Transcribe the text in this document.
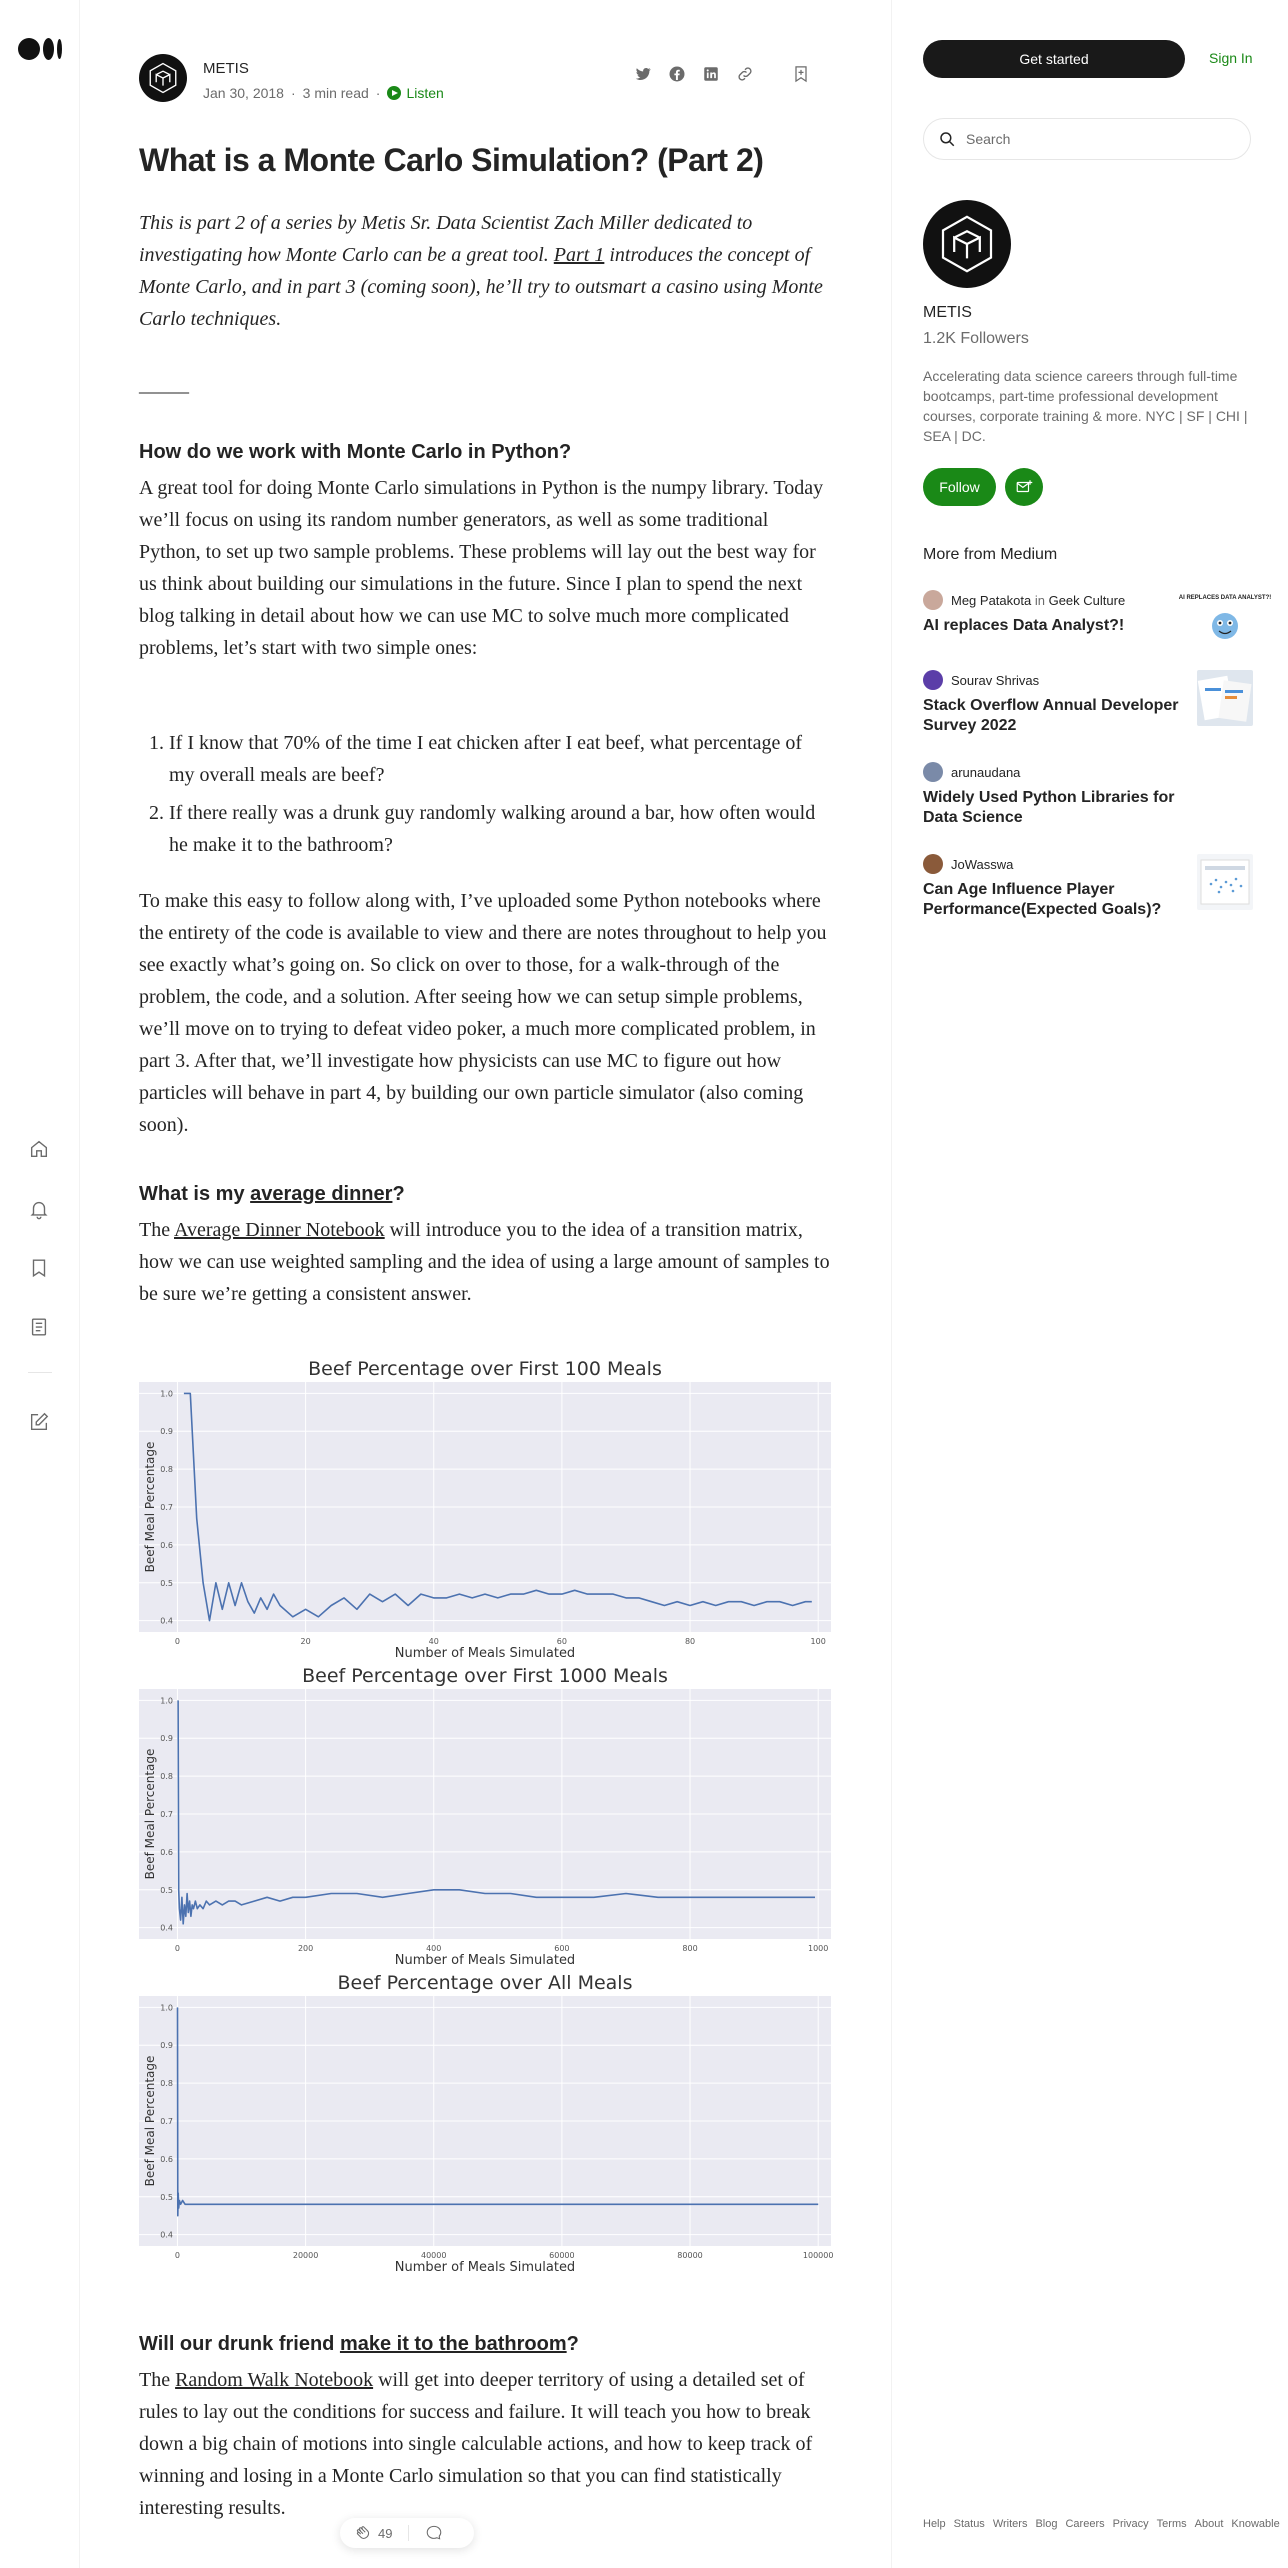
METIS
Jan 30, 2018 · 3 min read · Listen
What is a Monte Carlo Simulation? (Part 2)

This is part 2 of a series by Metis Sr. Data Scientist Zach Miller dedicated to investigating how Monte Carlo can be a great tool. Part 1 introduces the concept of Monte Carlo, and in part 3 (coming soon), he’ll try to outsmart a casino using Monte Carlo techniques.

_____
How do we work with Monte Carlo in Python?

A great tool for doing Monte Carlo simulations in Python is the numpy library. Today we’ll focus on using its random number generators, as well as some traditional Python, to set up two sample problems. These problems will lay out the best way for us think about building our simulations in the future. Since I plan to spend the next blog talking in detail about how we can use MC to solve much more complicated problems, let’s start with two simple ones:

1. If I know that 70% of the time I eat chicken after I eat beef, what percentage of my overall meals are beef?
2. If there really was a drunk guy randomly walking around a bar, how often would he make it to the bathroom?

To make this easy to follow along with, I’ve uploaded some Python notebooks where the entirety of the code is available to view and there are notes throughout to help you see exactly what’s going on. So click on over to those, for a walk-through of the problem, the code, and a solution. After seeing how we can setup simple problems, we’ll move on to trying to defeat video poker, a much more complicated problem, in part 3. After that, we’ll investigate how physicists can use MC to figure out how particles will behave in part 4, by building our own particle simulator (also coming soon).

What is my average dinner?

The Average Dinner Notebook will introduce you to the idea of a transition matrix, how we can use weighted sampling and the idea of using a large amount of samples to be sure we’re getting a consistent answer.

Beef Percentage over First 100 Meals
0	20	40	60	80	100
0.4
0.5
0.6
0.7
0.8
0.9
1.0
Number of Meals Simulated
Beef Meal Percentage
Beef Percentage over First 1000 Meals
0	200	400	600	800	1000
0.4
0.5
0.6
0.7
0.8
0.9
1.0
Number of Meals Simulated
Beef Meal Percentage
Beef Percentage over All Meals
0	20000	40000	60000	80000	100000
0.4
0.5
0.6
0.7
0.8
0.9
1.0
Number of Meals Simulated
Beef Meal Percentage
Will our drunk friend make it to the bathroom?

The Random Walk Notebook will get into deeper territory of using a detailed set of rules to lay out the conditions for success and failure. It will teach you how to break down a big chain of motions into single calculable actions, and how to keep track of winning and losing in a Monte Carlo simulation so that you can find statistically interesting results.

49
Get started	Sign In
Search
METIS
1.2K Followers
Accelerating data science careers through full-time bootcamps, part-time professional development courses, corporate training & more. NYC | SF | CHI | SEA | DC.
Follow
More from Medium
Meg Patakota in Geek Culture
AI replaces Data Analyst?!
AI REPLACES DATA ANALYST?!
Sourav Shrivas
Stack Overflow Annual Developer Survey 2022
arunaudana
Widely Used Python Libraries for Data Science
JoWasswa
Can Age Influence Player Performance(Expected Goals)?
Help Status Writers Blog Careers Privacy Terms About Knowable
